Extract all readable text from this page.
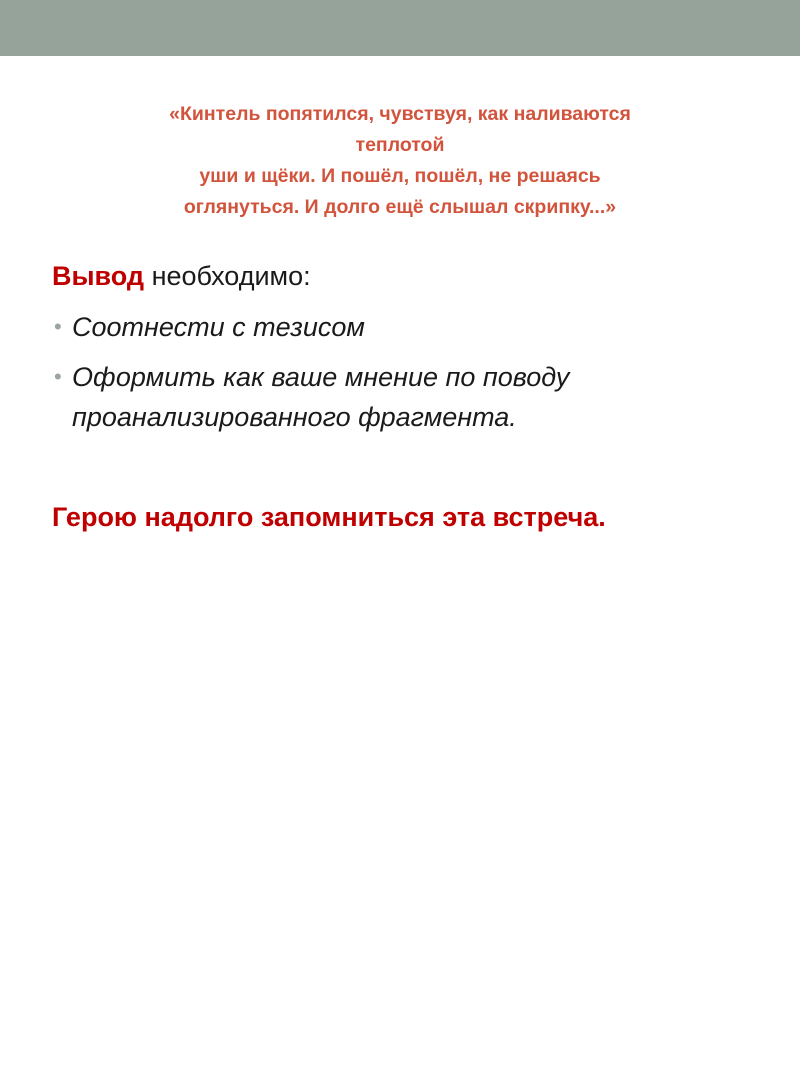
«Кинтель попятился, чувствуя, как наливаются
теплотой
уши и щёки. И пошёл, пошёл, не решаясь
оглянуться. И долго ещё слышал скрипку...»
Вывод необходимо:
• Соотнести с тезисом
• Оформить как ваше мнение по поводу проанализированного фрагмента.
Герою надолго запомниться эта встреча.
